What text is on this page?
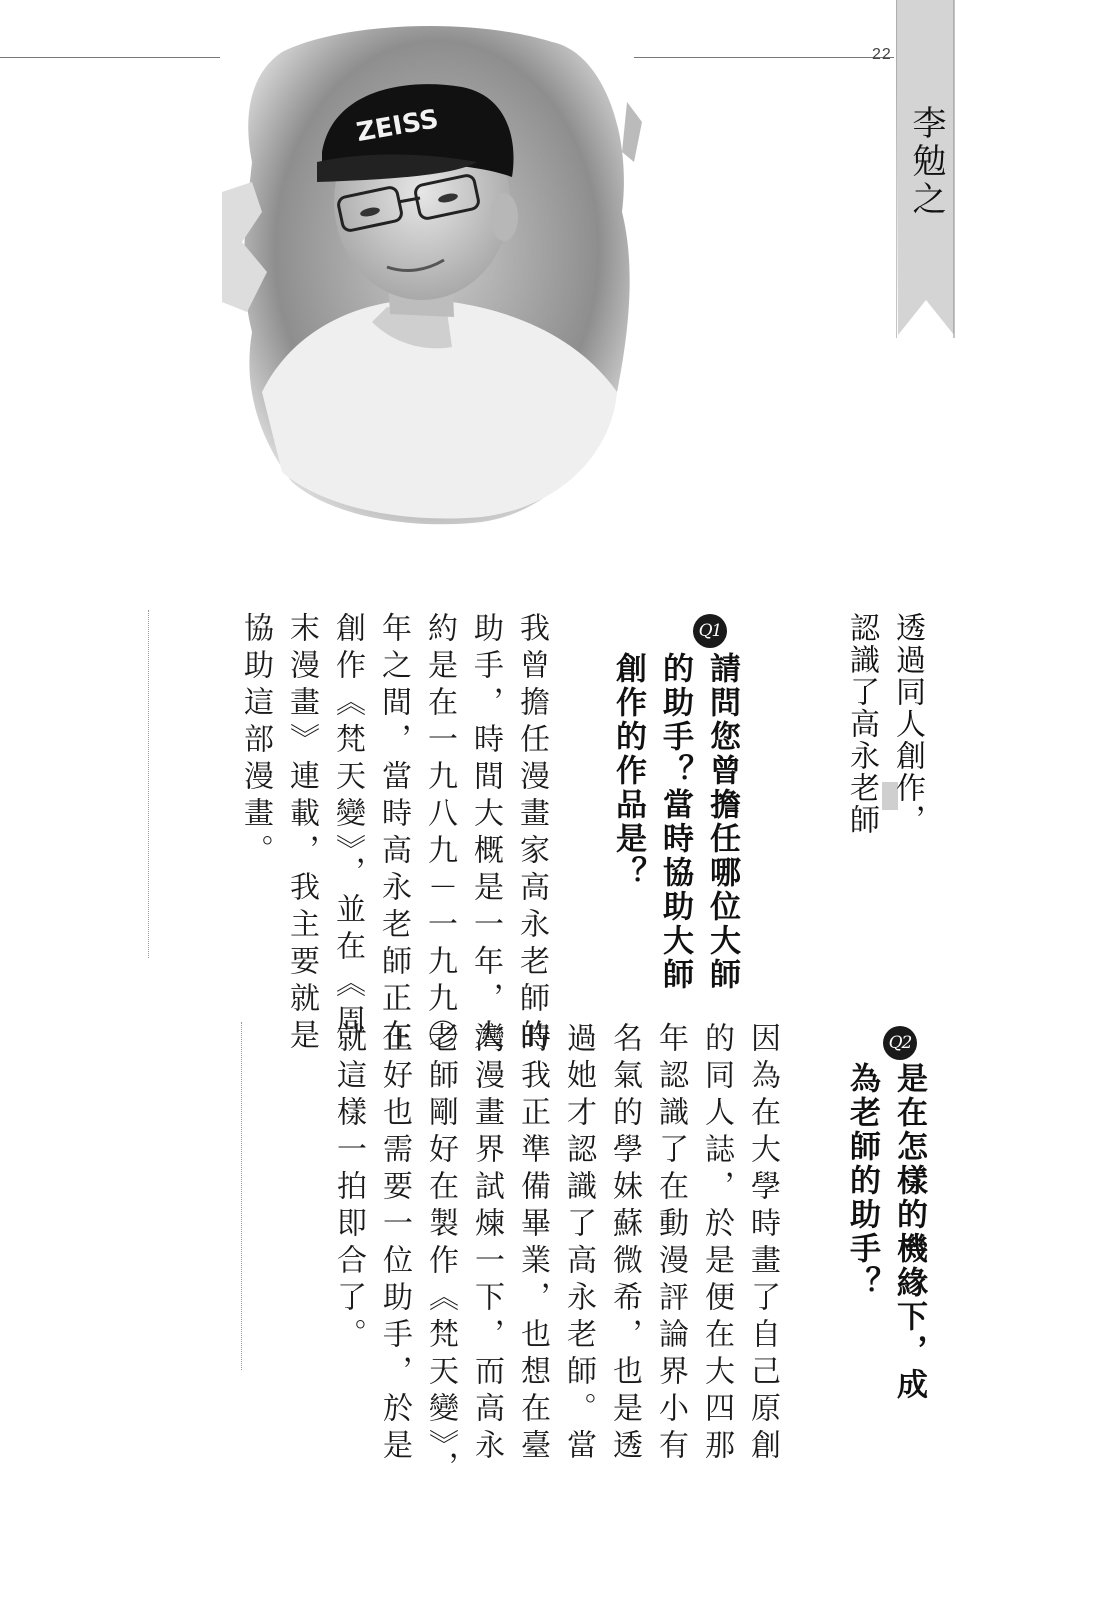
22
李勉之
ZEISS

透過同人創作，
認識了高永老師

Q1

請問您曾擔任哪位大師
的助手？當時協助大師
創作的作品是？

我曾擔任漫畫家高永老師的
助手，時間大概是一年，大
約是在一九八九－一九九〇
年之間，當時高永老師正在
創作《梵天變》，並在《周
末漫畫》連載，我主要就是
協助這部漫畫。

Q2

是在怎樣的機緣下，成
為老師的助手？

因為在大學時畫了自己原創
的同人誌，於是便在大四那
年認識了在動漫評論界小有
名氣的學妹蘇微希，也是透
過她才認識了高永老師。當
時我正準備畢業，也想在臺
灣漫畫界試煉一下，而高永
老師剛好在製作《梵天變》，
正好也需要一位助手，於是
就這樣一拍即合了。
